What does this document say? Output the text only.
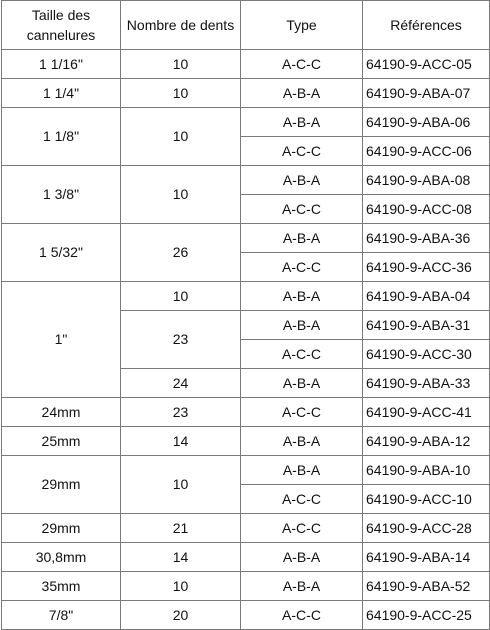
Taille des cannelures	Nombre de dents	Type	Références
1 1/16"	10	A-C-C	64190-9-ACC-05
1 1/4"	10	A-B-A	64190-9-ABA-07
1 1/8"	10	A-B-A	64190-9-ABA-06
		A-C-C	64190-9-ACC-06
1 3/8"	10	A-B-A	64190-9-ABA-08
		A-C-C	64190-9-ACC-08
1 5/32"	26	A-B-A	64190-9-ABA-36
		A-C-C	64190-9-ACC-36
1"	10	A-B-A	64190-9-ABA-04
	23	A-B-A	64190-9-ABA-31
		A-C-C	64190-9-ACC-30
	24	A-B-A	64190-9-ABA-33
24mm	23	A-C-C	64190-9-ACC-41
25mm	14	A-B-A	64190-9-ABA-12
29mm	10	A-B-A	64190-9-ABA-10
		A-C-C	64190-9-ACC-10
29mm	21	A-C-C	64190-9-ACC-28
30,8mm	14	A-B-A	64190-9-ABA-14
35mm	10	A-B-A	64190-9-ABA-52
7/8"	20	A-C-C	64190-9-ACC-25
